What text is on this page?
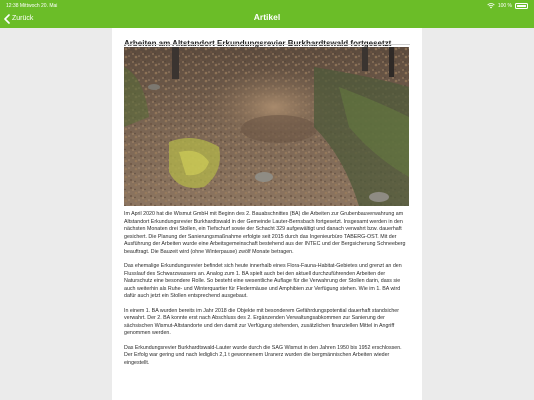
12:38 Mittwoch 20. Mai	100 %
Zurück	Artikel

Im April 2020 hat die Wismut GmbH mit Beginn des 2. Bauabschnittes (BA) die Arbeiten zur Grubenbauverwahrung am Altstandort Erkundungsrevier Burkhardtswald in der Gemeinde Lauter-Bernsbach fortgesetzt. Insgesamt werden in den nächsten Monaten drei Stollen, ein Tiefschurf sowie der Schacht 329 aufgewältigt und danach verwahrt bzw. dauerhaft gesichert. Die Planung der Sanierungsmaßnahme erfolgte seit 2015 durch das Ingenieurbüro TABERG-OST. Mit der Ausführung der Arbeiten wurde eine Arbeitsgemeinschaft bestehend aus der INTEC und der Bergsicherung Schneeberg beauftragt. Die Bauzeit wird (ohne Winterpause) zwölf Monate betragen.

Das ehemalige Erkundungsrevier befindet sich heute innerhalb eines Flora-Fauna-Habitat-Gebietes und grenzt an den Flusslauf des Schwarzwassers an. Analog zum 1. BA spielt auch bei den aktuell durchzuführenden Arbeiten der Naturschutz eine besondere Rolle. So besteht eine wesentliche Auflage für die Verwahrung der Stollen darin, dass sie auch weiterhin als Ruhe- und Winterquartier für Fledermäuse und Amphibien zur Verfügung stehen. Wie im 1. BA wird dafür auch jetzt ein Stollen entsprechend ausgebaut.

In einem 1. BA wurden bereits im Jahr 2018 die Objekte mit besonderem Gefährdungspotential dauerhaft standsicher verwahrt. Der 2. BA konnte erst nach Abschluss des 2. Ergänzenden Verwaltungsabkommen zur Sanierung der sächsischen Wismut-Altstandorte und den damit zur Verfügung stehenden, zusätzlichen finanziellen Mittel in Angriff genommen werden.

Das Erkundungsrevier Burkhardtswald-Lauter wurde durch die SAG Wismut in den Jahren 1950 bis 1952 erschlossen. Der Erfolg war gering und nach lediglich 2,1 t gewonnenem Uranerz wurden die bergmännischen Arbeiten wieder eingestellt.
